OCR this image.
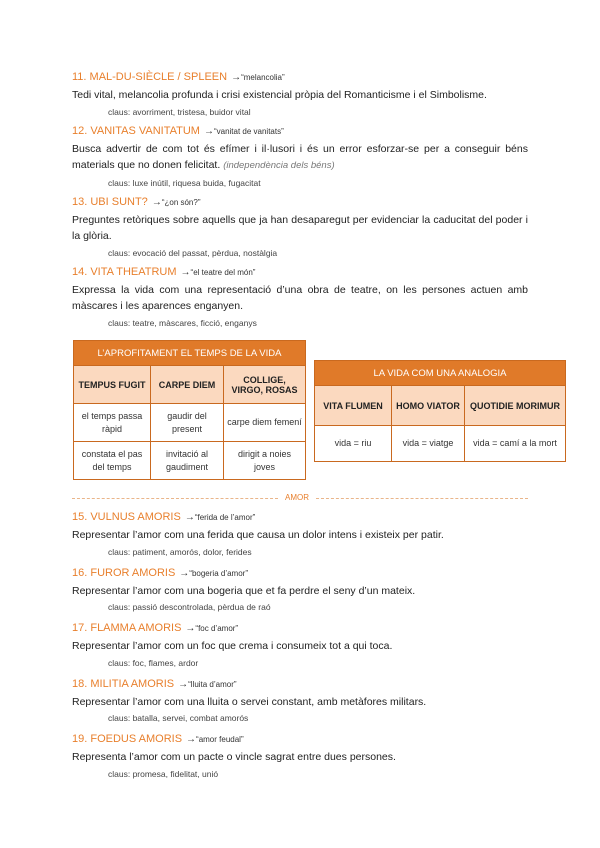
11. MAL-DU-SIÈCLE / SPLEEN →“melancolia”

Tedi vital, melancolia profunda i crisi existencial pròpia del Romanticisme i el Simbolisme.

claus: avorriment, tristesa, buidor vital

12. VANITAS VANITATUM →“vanitat de vanitats”

Busca advertir de com tot és efímer i il·lusori i és un error esforzar-se per a conseguir béns materials que no donen felicitat. (independència dels béns)

claus: luxe inútil, riquesa buida, fugacitat

13. UBI SUNT? →“¿on són?”

Preguntes retòriques sobre aquells que ja han desaparegut per evidenciar la caducitat del poder i la glòria.

claus: evocació del passat, pèrdua, nostàlgia

14. VITA THEATRUM →“el teatre del món”

Expressa la vida com una representació d’una obra de teatre, on les persones actuen amb màscares i les aparences enganyen.

claus: teatre, màscares, ficció, enganys

L’APROFITAMENT EL TEMPS DE LA VIDA		
TEMPUS FUGIT	CARPE DIEM	COLLIGE, VIRGO, ROSAS
el temps passa ràpid	gaudir del present	carpe diem femení
constata el pas del temps	invitació al gaudiment	dirigit a noies joves
LA VIDA COM UNA ANALOGIA		
VITA FLUMEN	HOMO VIATOR	QUOTIDIE MORIMUR
vida = riu	vida = viatge	vida = camí a la mort
AMOR

15. VULNUS AMORIS →“ferida de l’amor”

Representar l’amor com una ferida que causa un dolor intens i existeix per patir.

claus: patiment, amorós, dolor, ferides

16. FUROR AMORIS →“bogeria d’amor”

Representar l’amor com una bogeria que et fa perdre el seny d’un mateix.

claus: passió descontrolada, pèrdua de raó

17. FLAMMA AMORIS →“foc d’amor”

Representar l’amor com un foc que crema i consumeix tot a qui toca.

claus: foc, flames, ardor

18. MILITIA AMORIS →“lluita d’amor”

Representar l’amor com una lluita o servei constant, amb metàfores militars.

claus: batalla, servei, combat amorós

19. FOEDUS AMORIS →“amor feudal”

Representa l’amor com un pacte o vincle sagrat entre dues persones.

claus: promesa, fidelitat, unió
